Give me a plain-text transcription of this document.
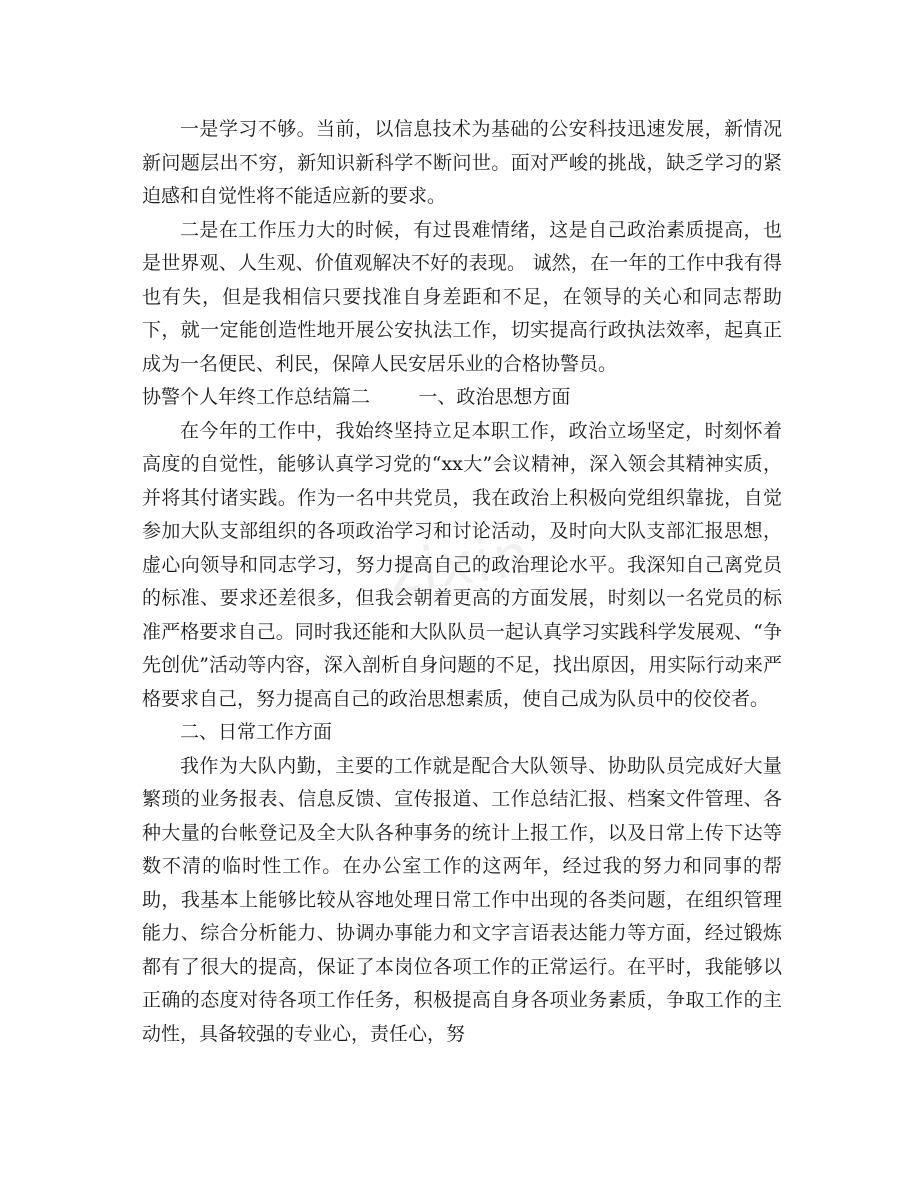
一是学习不够。当前，以信息技术为基础的公安科技迅速发展，新情况新问题层出不穷，新知识新科学不断问世。面对严峻的挑战，缺乏学习的紧迫感和自觉性将不能适应新的要求。

二是在工作压力大的时候，有过畏难情绪，这是自己政治素质提高，也是世界观、人生观、价值观解决不好的表现。 诚然，在一年的工作中我有得也有失，但是我相信只要找准自身差距和不足，在领导的关心和同志帮助下，就一定能创造性地开展公安执法工作，切实提高行政执法效率，起真正成为一名便民、利民，保障人民安居乐业的合格协警员。

协警个人年终工作总结篇二	一、政治思想方面

在今年的工作中，我始终坚持立足本职工作，政治立场坚定，时刻怀着高度的自觉性，能够认真学习党的“xx大”会议精神，深入领会其精神实质，并将其付诸实践。作为一名中共党员，我在政治上积极向党组织靠拢，自觉参加大队支部组织的各项政治学习和讨论活动，及时向大队支部汇报思想，虚心向领导和同志学习，努力提高自己的政治理论水平。我深知自己离党员的标准、要求还差很多，但我会朝着更高的方面发展，时刻以一名党员的标准严格要求自己。同时我还能和大队队员一起认真学习实践科学发展观、“争先创优”活动等内容，深入剖析自身问题的不足，找出原因，用实际行动来严格要求自己，努力提高自己的政治思想素质，使自己成为队员中的佼佼者。

二、日常工作方面

我作为大队内勤，主要的工作就是配合大队领导、协助队员完成好大量繁琐的业务报表、信息反馈、宣传报道、工作总结汇报、档案文件管理、各种大量的台帐登记及全大队各种事务的统计上报工作，以及日常上传下达等数不清的临时性工作。在办公室工作的这两年，经过我的努力和同事的帮助，我基本上能够比较从容地处理日常工作中出现的各类问题，在组织管理能力、综合分析能力、协调办事能力和文字言语表达能力等方面，经过锻炼都有了很大的提高，保证了本岗位各项工作的正常运行。在平时，我能够以正确的态度对待各项工作任务，积极提高自身各项业务素质，争取工作的主动性，具备较强的专业心，责任心，努

zixin
